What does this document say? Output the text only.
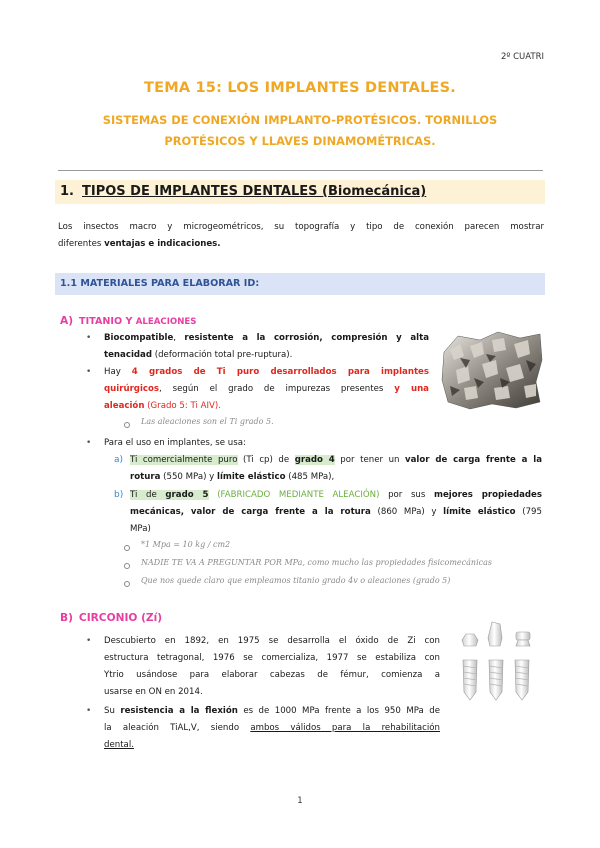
2º CUATRI
TEMA 15: LOS IMPLANTES DENTALES.
SISTEMAS DE CONEXIÓN IMPLANTO-PROTÉSICOS. TORNILLOS
PROTÉSICOS Y LLAVES DINAMOMÉTRICAS.
1. TIPOS DE IMPLANTES DENTALES (Biomecánica)
Los insectos macro y microgeométricos, su topografía y tipo de conexión parecen mostrar
diferentes ventajas e indicaciones.
1.1 MATERIALES PARA ELABORAR ID:
A) TITANIO Y ALEACIONES
• Biocompatible, resistente a la corrosión, compresión y alta
tenacidad (deformación total pre-ruptura).
• Hay 4 grados de Ti puro desarrollados para implantes
quirúrgicos, según el grado de impurezas presentes y una
aleación (Grado 5: Ti AIV).
Las aleaciones son el Ti grado 5.
• Para el uso en implantes, se usa:
a) Ti comercialmente puro (Ti cp) de grado 4 por tener un valor de carga frente a la
rotura (550 MPa) y límite elástico (485 MPa),
b) Ti de grado 5 (FABRICADO MEDIANTE ALEACIÓN) por sus mejores propiedades
mecánicas, valor de carga frente a la rotura (860 MPa) y límite elástico (795
MPa)
*1 Mpa = 10 kg / cm2
NADIE TE VA A PREGUNTAR POR MPa, como mucho las propiedades fisicomecánicas
Que nos quede claro que empleamos titanio grado 4v o aleaciones (grado 5)
B) CIRCONIO (Zí)
• Descubierto en 1892, en 1975 se desarrolla el óxido de Zi con
estructura tetragonal, 1976 se comercializa, 1977 se estabiliza con
Ytrio usándose para elaborar cabezas de fémur, comienza a
usarse en ON en 2014.
• Su resistencia a la flexión es de 1000 MPa frente a los 950 MPa de
la aleación TiAL,V, siendo ambos válidos para la rehabilitación
dental.
1
